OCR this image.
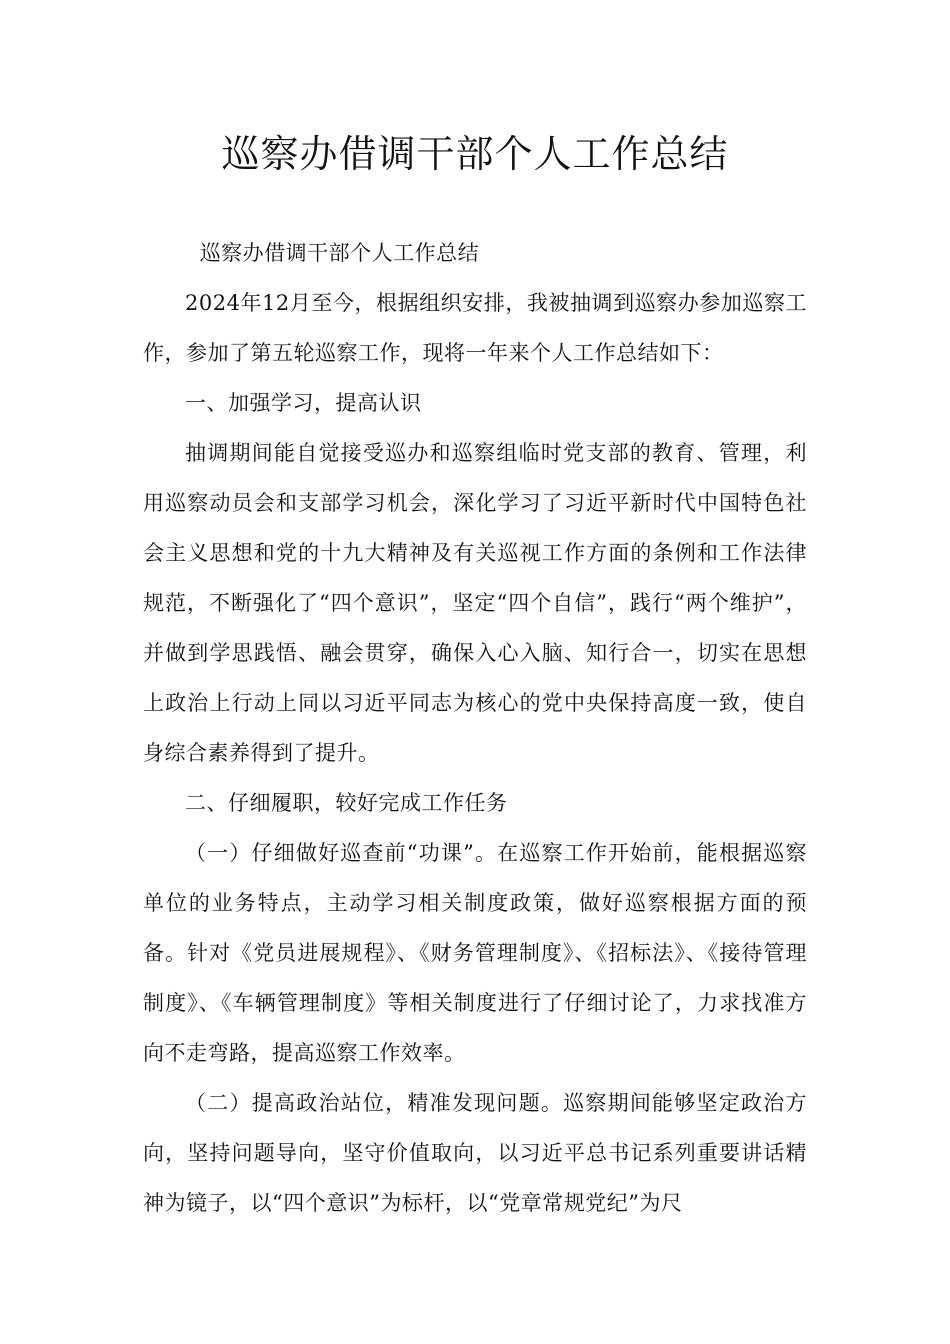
巡察办借调干部个人工作总结

巡察办借调干部个人工作总结

2024年12月至今，根据组织安排，我被抽调到巡察办参加巡察工作，参加了第五轮巡察工作，现将一年来个人工作总结如下：

一、加强学习，提高认识

抽调期间能自觉接受巡办和巡察组临时党支部的教育、管理，利用巡察动员会和支部学习机会，深化学习了习近平新时代中国特色社会主义思想和党的十九大精神及有关巡视工作方面的条例和工作法律规范，不断强化了“四个意识”，坚定“四个自信”，践行“两个维护”，并做到学思践悟、融会贯穿，确保入心入脑、知行合一，切实在思想上政治上行动上同以习近平同志为核心的党中央保持高度一致，使自身综合素养得到了提升。

二、仔细履职，较好完成工作任务

（一）仔细做好巡查前“功课”。在巡察工作开始前，能根据巡察单位的业务特点，主动学习相关制度政策，做好巡察根据方面的预备。针对《党员进展规程》、《财务管理制度》、《招标法》、《接待管理制度》、《车辆管理制度》等相关制度进行了仔细讨论了，力求找准方向不走弯路，提高巡察工作效率。

（二）提高政治站位，精准发现问题。巡察期间能够坚定政治方向，坚持问题导向，坚守价值取向，以习近平总书记系列重要讲话精神为镜子，以“四个意识”为标杆，以“党章常规党纪”为尺
